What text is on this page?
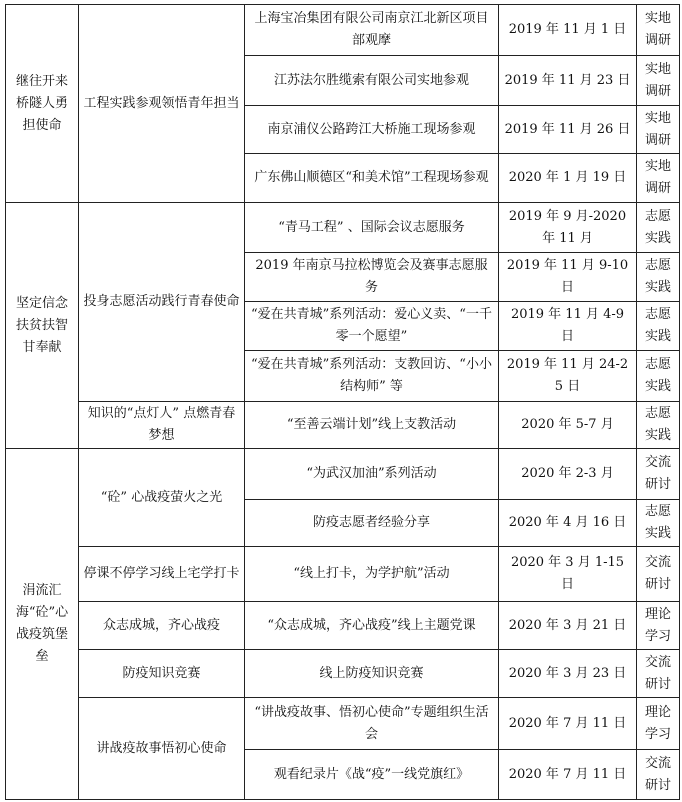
继往开来桥隧人勇担使命	工程实践参观领悟青年担当	上海宝冶集团有限公司南京江北新区项目部观摩	2019 年 11 月 1 日	实地调研
		江苏法尔胜缆索有限公司实地参观	2019 年 11 月 23 日	实地调研
		南京浦仪公路跨江大桥施工现场参观	2019 年 11 月 26 日	实地调研
		广东佛山顺德区“和美术馆”工程现场参观	2020 年 1 月 19 日	实地调研
坚定信念扶贫扶智甘奉献	投身志愿活动践行青春使命	“青马工程” 、国际会议志愿服务	2019 年 9 月-2020 年 11 月	志愿实践
		2019 年南京马拉松博览会及赛事志愿服务	2019 年 11 月 9-10 日	志愿实践
		“爱在共青城”系列活动：爱心义卖、“一千零一个愿望”	2019 年 11 月 4-9 日	志愿实践
		“爱在共青城”系列活动：支教回访、“小小结构师” 等	2019 年 11 月 24-25 日	志愿实践
	知识的“点灯人” 点燃青春梦想	“至善云端计划”线上支教活动	2020 年 5-7 月	志愿实践
涓流汇海“砼”心战疫筑堡垒	“砼” 心战疫萤火之光	“为武汉加油”系列活动	2020 年 2-3 月	交流研讨
		防疫志愿者经验分享	2020 年 4 月 16 日	志愿实践
	停课不停学习线上宅学打卡	“线上打卡，为学护航”活动	2020 年 3 月 1-15 日	交流研讨
	众志成城，齐心战疫	“众志成城，齐心战疫”线上主题党课	2020 年 3 月 21 日	理论学习
	防疫知识竞赛	线上防疫知识竞赛	2020 年 3 月 23 日	交流研讨
	讲战疫故事悟初心使命	“讲战疫故事、悟初心使命”专题组织生活会	2020 年 7 月 11 日	理论学习
		观看纪录片《战“疫”一线党旗红》	2020 年 7 月 11 日	交流研讨
